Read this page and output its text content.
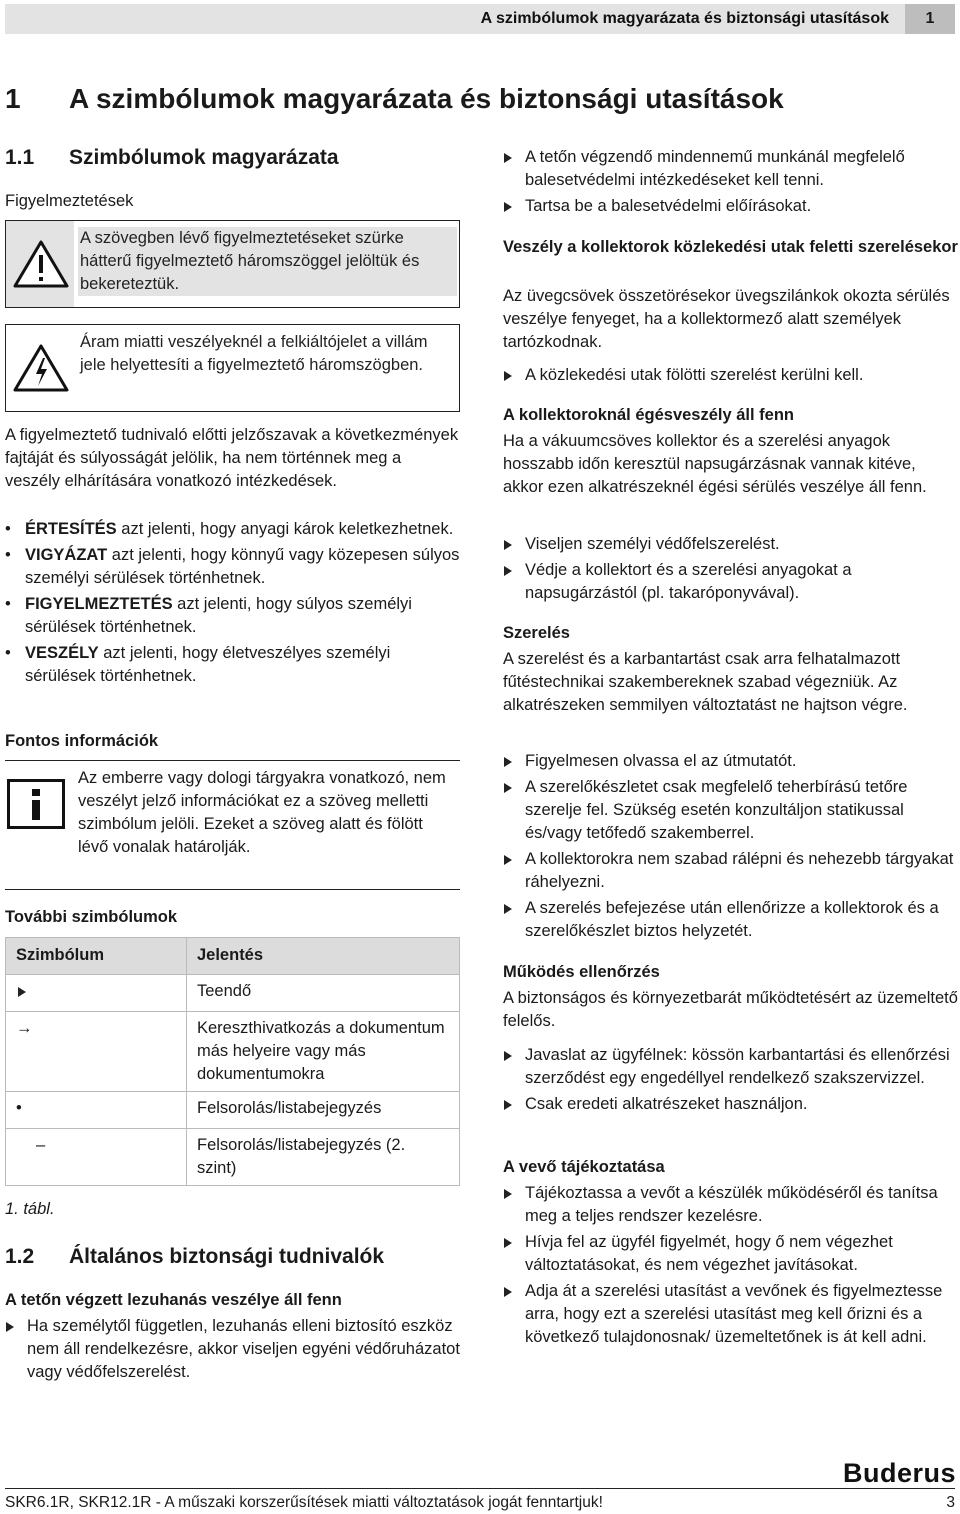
A szimbólumok magyarázata és biztonsági utasítások	1
1 A szimbólumok magyarázata és biztonsági utasítások
1.1 Szimbólumok magyarázata
Figyelmeztetések
A szövegben lévő figyelmeztetéseket szürke hátterű figyelmeztető háromszöggel jelöltük és bekereteztük.
Áram miatti veszélyeknél a felkiáltójelet a villám jele helyettesíti a figyelmeztető háromszögben.

A figyelmeztető tudnivaló előtti jelzőszavak a következmények fajtáját és súlyosságát jelölik, ha nem történnek meg a veszély elhárítására vonatkozó intézkedések.

• ÉRTESÍTÉS azt jelenti, hogy anyagi károk keletkezhetnek.
• VIGYÁZAT azt jelenti, hogy könnyű vagy közepesen súlyos személyi sérülések történhetnek.
• FIGYELMEZTETÉS azt jelenti, hogy súlyos személyi sérülések történhetnek.
• VESZÉLY azt jelenti, hogy életveszélyes személyi sérülések történhetnek.
Fontos információk
Az emberre vagy dologi tárgyakra vonatkozó, nem veszélyt jelző információkat ez a szöveg melletti szimbólum jelöli. Ezeket a szöveg alatt és fölött lévő vonalak határolják.
További szimbólumok
Szimbólum	Jelentés
	Teendő
→	Kereszthivatkozás a dokumentum más helyeire vagy más dokumentumokra
•	Felsorolás/listabejegyzés
–	Felsorolás/listabejegyzés (2. szint)
1. tábl.
1.2 Általános biztonsági tudnivalók
A tetőn végzett lezuhanás veszélye áll fenn
Ha személytől független, lezuhanás elleni biztosító eszköz nem áll rendelkezésre, akkor viseljen egyéni védőruházatot vagy védőfelszerelést.
A tetőn végzendő mindennemű munkánál megfelelő balesetvédelmi intézkedéseket kell tenni.
Tartsa be a balesetvédelmi előírásokat.
Veszély a kollektorok közlekedési utak feletti szerelésekor

Az üvegcsövek összetörésekor üvegszilánkok okozta sérülés veszélye fenyeget, ha a kollektormező alatt személyek tartózkodnak.

A közlekedési utak fölötti szerelést kerülni kell.
A kollektoroknál égésveszély áll fenn

Ha a vákuumcsöves kollektor és a szerelési anyagok hosszabb időn keresztül napsugárzásnak vannak kitéve, akkor ezen alkatrészeknél égési sérülés veszélye áll fenn.

Viseljen személyi védőfelszerelést.
Védje a kollektort és a szerelési anyagokat a napsugárzástól (pl. takaróponyvával).
Szerelés

A szerelést és a karbantartást csak arra felhatalmazott fűtéstechnikai szakembereknek szabad végezniük. Az alkatrészeken semmilyen változtatást ne hajtson végre.

Figyelmesen olvassa el az útmutatót.
A szerelőkészletet csak megfelelő teherbírású tetőre szerelje fel. Szükség esetén konzultáljon statikussal és/vagy tetőfedő szakemberrel.
A kollektorokra nem szabad rálépni és nehezebb tárgyakat ráhelyezni.
A szerelés befejezése után ellenőrizze a kollektorok és a szerelőkészlet biztos helyzetét.
Működés ellenőrzés

A biztonságos és környezetbarát működtetésért az üzemeltető felelős.

Javaslat az ügyfélnek: kössön karbantartási és ellenőrzési szerződést egy engedéllyel rendelkező szakszervizzel.
Csak eredeti alkatrészeket használjon.
A vevő tájékoztatása
Tájékoztassa a vevőt a készülék működéséről és tanítsa meg a teljes rendszer kezelésre.
Hívja fel az ügyfél figyelmét, hogy ő nem végezhet változtatásokat, és nem végezhet javításokat.
Adja át a szerelési utasítást a vevőnek és figyelmeztesse arra, hogy ezt a szerelési utasítást meg kell őrizni és a következő tulajdonosnak/ üzemeltetőnek is át kell adni.
Buderus
SKR6.1R, SKR12.1R - A műszaki korszerűsítések miatti változtatások jogát fenntartjuk!	3
